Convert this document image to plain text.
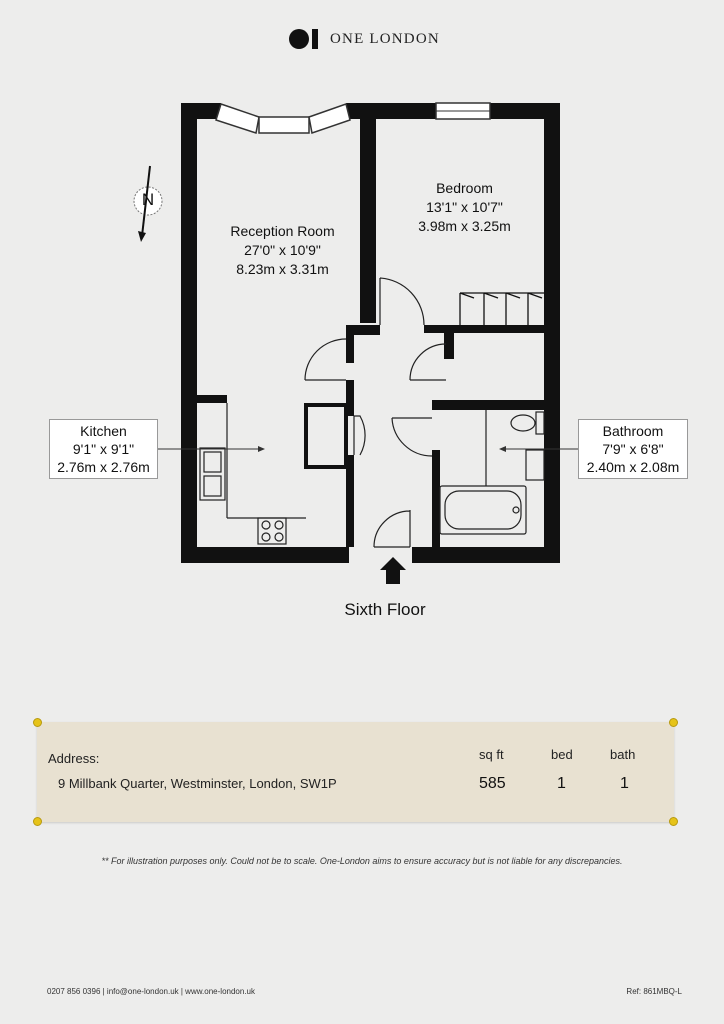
ONE LONDON
N
Reception Room
27'0" x 10'9"
8.23m x 3.31m
Bedroom
13'1" x 10'7"
3.98m x 3.25m
Kitchen
9'1" x 9'1"
2.76m x 2.76m
Bathroom
7'9" x 6'8"
2.40m x 2.08m
Sixth Floor
Address:
9 Millbank Quarter, Westminster, London, SW1P
sq ft
585
bed
1
bath
1
** For illustration purposes only. Could not be to scale. One-London aims to ensure accuracy but is not liable for any discrepancies.
0207 856 0396 | info@one-london.uk | www.one-london.uk	Ref: 861MBQ-L
